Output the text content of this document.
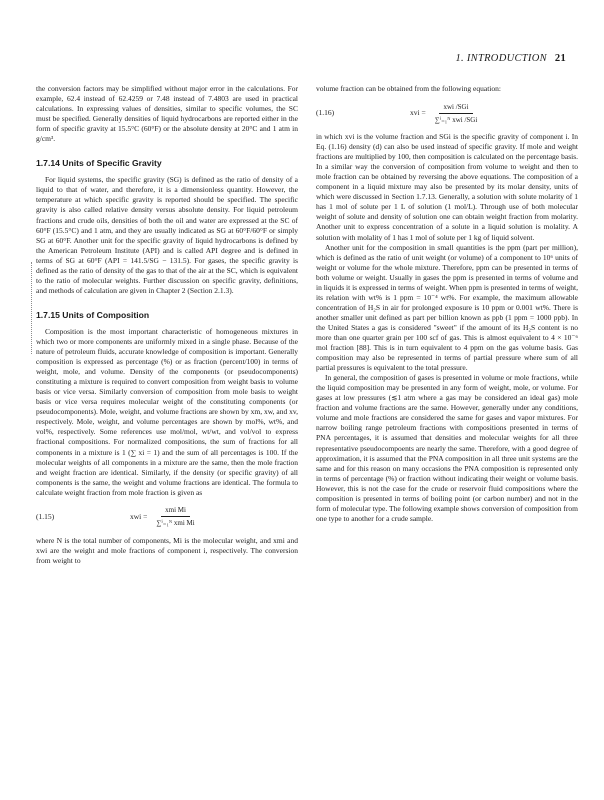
1. INTRODUCTION 21

the conversion factors may be simplified without major error in the calculations. For example, 62.4 instead of 62.4259 or 7.48 instead of 7.4803 are used in practical calculations. In expressing values of densities, similar to specific volumes, the SC must be specified. Generally densities of liquid hydrocarbons are reported either in the form of specific gravity at 15.5°C (60°F) or the absolute density at 20°C and 1 atm in g/cm³.

1.7.14 Units of Specific Gravity

For liquid systems, the specific gravity (SG) is defined as the ratio of density of a liquid to that of water, and therefore, it is a dimensionless quantity. However, the temperature at which specific gravity is reported should be specified. The specific gravity is also called relative density versus absolute density. For liquid petroleum fractions and crude oils, densities of both the oil and water are expressed at the SC of 60°F (15.5°C) and 1 atm, and they are usually indicated as SG at 60°F/60°F or simply SG at 60°F. Another unit for the specific gravity of liquid hydrocarbons is defined by the American Petroleum Institute (API) and is called API degree and is defined in terms of SG at 60°F (API = 141.5/SG − 131.5). For gases, the specific gravity is defined as the ratio of density of the gas to that of the air at the SC, which is equivalent to the ratio of molecular weights. Further discussion on specific gravity, definitions, and methods of calculation are given in Chapter 2 (Section 2.1.3).

1.7.15 Units of Composition

Composition is the most important characteristic of homogeneous mixtures in which two or more components are uniformly mixed in a single phase. Because of the nature of petroleum fluids, accurate knowledge of composition is important. Generally composition is expressed as percentage (%) or as fraction (percent/100) in terms of weight, mole, and volume. Density of the components (or pseudocomponents) constituting a mixture is required to convert composition from weight basis to volume basis or vice versa. Similarly conversion of composition from mole basis to weight basis or vice versa requires molecular weight of the constituting components (or pseudocomponents). Mole, weight, and volume fractions are shown by xm, xw, and xv, respectively. Mole, weight, and volume percentages are shown by mol%, wt%, and vol%, respectively. Some references use mol/mol, wt/wt, and vol/vol to express fractional compositions. For normalized compositions, the sum of fractions for all components in a mixture is 1 (∑ xi = 1) and the sum of all percentages is 100. If the molecular weights of all components in a mixture are the same, then the mole fraction and weight fraction are identical. Similarly, if the density (or specific gravity) of all components is the same, the weight and volume fractions are identical. The formula to calculate weight fraction from mole fraction is given as

(1.15)	xwi = $\frac{\text{xmi Mi}}{\text{∑ⁱ₌₁ᴺ xmi Mi}}$

where N is the total number of components, Mi is the molecular weight, and xmi and xwi are the weight and mole fractions of component i, respectively. The conversion from weight to

volume fraction can be obtained from the following equation:

(1.16)	xvi = $\frac{\text{xwi /SGi}}{\text{∑ⁱ₌₁ᴺ xwi /SGi}}$

in which xvi is the volume fraction and SGi is the specific gravity of component i. In Eq. (1.16) density (d) can also be used instead of specific gravity. If mole and weight fractions are multiplied by 100, then composition is calculated on the percentage basis. In a similar way the conversion of composition from volume to weight and then to mole fraction can be obtained by reversing the above equations. The composition of a component in a liquid mixture may also be presented by its molar density, units of which were discussed in Section 1.7.13. Generally, a solution with solute molarity of 1 has 1 mol of solute per 1 L of solution (1 mol/L). Through use of both molecular weight of solute and density of solution one can obtain weight fraction from molarity. Another unit to express concentration of a solute in a liquid solution is molality. A solution with molality of 1 has 1 mol of solute per 1 kg of liquid solvent.

Another unit for the composition in small quantities is the ppm (part per million), which is defined as the ratio of unit weight (or volume) of a component to 10⁶ units of weight or volume for the whole mixture. Therefore, ppm can be presented in terms of both volume or weight. Usually in gases the ppm is presented in terms of volume and in liquids it is expressed in terms of weight. When ppm is presented in terms of weight, its relation with wt% is 1 ppm = 10⁻⁴ wt%. For example, the maximum allowable concentration of H₂S in air for prolonged exposure is 10 ppm or 0.001 wt%. There is another smaller unit defined as part per billion known as ppb (1 ppm = 1000 ppb). In the United States a gas is considered "sweet" if the amount of its H₂S content is no more than one quarter grain per 100 scf of gas. This is almost equivalent to 4 × 10⁻⁶ mol fraction [88]. This is in turn equivalent to 4 ppm on the gas volume basis. Gas composition may also be represented in terms of partial pressure where sum of all partial pressures is equivalent to the total pressure.

In general, the composition of gases is presented in volume or mole fractions, while the liquid composition may be presented in any form of weight, mole, or volume. For gases at low pressures (≲1 atm where a gas may be considered an ideal gas) mole fraction and volume fractions are the same. However, generally under any conditions, volume and mole fractions are considered the same for gases and vapor mixtures. For narrow boiling range petroleum fractions with compositions presented in terms of PNA percentages, it is assumed that densities and molecular weights for all three representative pseudocompoents are nearly the same. Therefore, with a good degree of approximation, it is assumed that the PNA composition in all three unit systems are the same and for this reason on many occasions the PNA composition is represented only in terms of percentage (%) or fraction without indicating their weight or volume basis. However, this is not the case for the crude or reservoir fluid compositions where the composition is presented in terms of boiling point (or carbon number) and not in the form of molecular type. The following example shows conversion of composition from one type to another for a crude sample.
